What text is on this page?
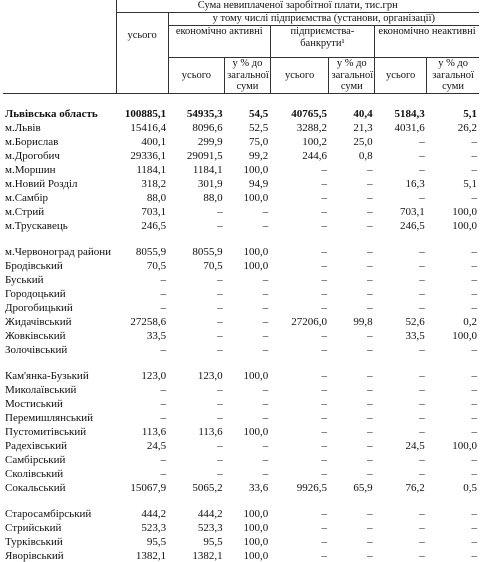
	Сума невиплаченої заробітної плати, тис.грн						
	усього	у тому числі підприємства (установи, організації)					
		економічно активні		підприємства-банкрути¹		економічно неактивні	
		усього	у % до загальної суми	усього	у % до загальної суми	усього	у % до загальної суми
Львівська область	100885,1	54935,3	54,5	40765,5	40,4	5184,3	5,1
м.Львів	15416,4	8096,6	52,5	3288,2	21,3	4031,6	26,2
м.Борислав	400,1	299,9	75,0	100,2	25,0	–	–
м.Дрогобич	29336,1	29091,5	99,2	244,6	0,8	–	–
м.Моршин	1184,1	1184,1	100,0	–	–	–	–
м.Новий Розділ	318,2	301,9	94,9	–	–	16,3	5,1
м.Самбір	88,0	88,0	100,0	–	–	–	–
м.Стрий	703,1	–	–	–	–	703,1	100,0
м.Трускавець	246,5	–	–	–	–	246,5	100,0
м.Червоноград райони	8055,9	8055,9	100,0	–	–	–	–
Бродівський	70,5	70,5	100,0	–	–	–	–
Буський	–	–	–	–	–	–	–
Городоцький	–	–	–	–	–	–	–
Дрогобицький	–	–	–	–	–	–	–
Жидачівський	27258,6	–	–	27206,0	99,8	52,6	0,2
Жовківський	33,5	–	–	–	–	33,5	100,0
Золочівський	–	–	–	–	–	–	–
Кам'янка-Бузький	123,0	123,0	100,0	–	–	–	–
Миколаївський	–	–	–	–	–	–	–
Мостиський	–	–	–	–	–	–	–
Перемишлянський	–	–	–	–	–	–	–
Пустомитівський	113,6	113,6	100,0	–	–	–	–
Радехівський	24,5	–	–	–	–	24,5	100,0
Самбірський	–	–	–	–	–	–	–
Сколівський	–	–	–	–	–	–	–
Сокальський	15067,9	5065,2	33,6	9926,5	65,9	76,2	0,5
Старосамбірський	444,2	444,2	100,0	–	–	–	–
Стрийський	523,3	523,3	100,0	–	–	–	–
Турківський	95,5	95,5	100,0	–	–	–	–
Яворівський	1382,1	1382,1	100,0	–	–	–	–
